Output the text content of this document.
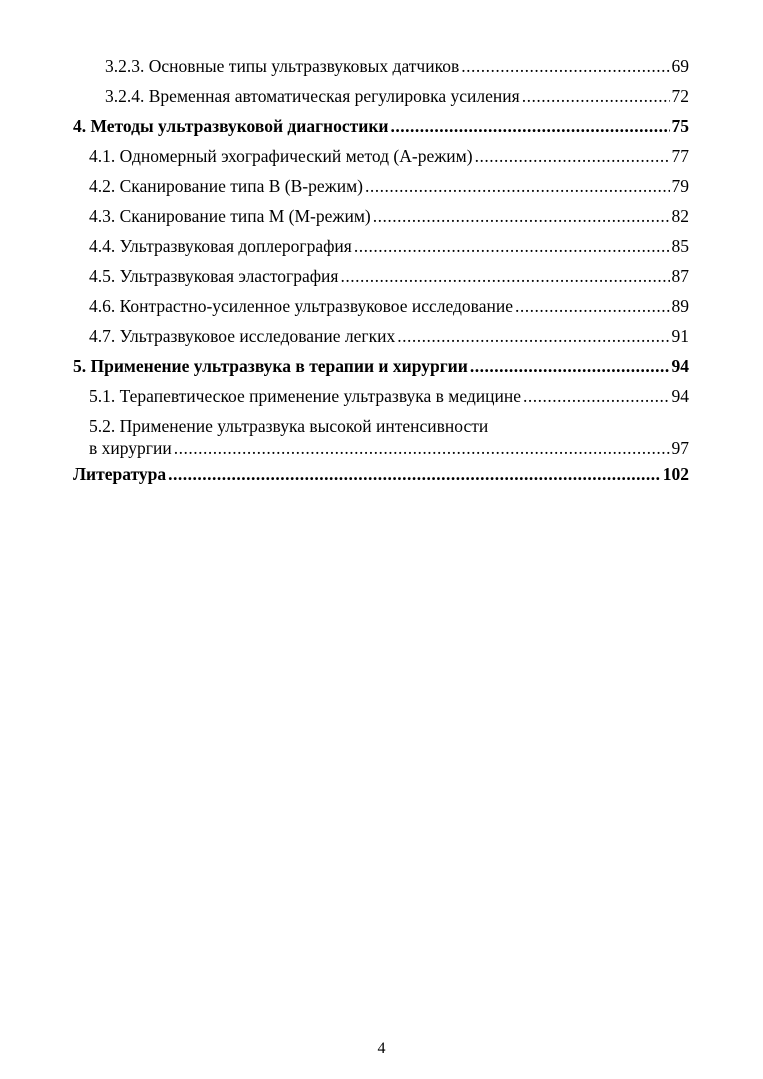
3.2.3. Основные типы ультразвуковых датчиков .....	69
3.2.4. Временная автоматическая регулировка усиления .....	72
4. Методы ультразвуковой диагностики .....	75
4.1. Одномерный эхографический метод (А-режим) .....	77
4.2. Сканирование типа В (В-режим) .....	79
4.3. Сканирование типа М (М-режим) .....	82
4.4. Ультразвуковая доплерография .....	85
4.5. Ультразвуковая эластография .....	87
4.6. Контрастно-усиленное ультразвуковое исследование .....	89
4.7. Ультразвуковое исследование легких .....	91
5. Применение ультразвука в терапии и хирургии .....	94
5.1. Терапевтическое применение ультразвука в медицине .....	94
5.2. Применение ультразвука высокой интенсивности
в хирургии .....	97
Литература .....	102
4
